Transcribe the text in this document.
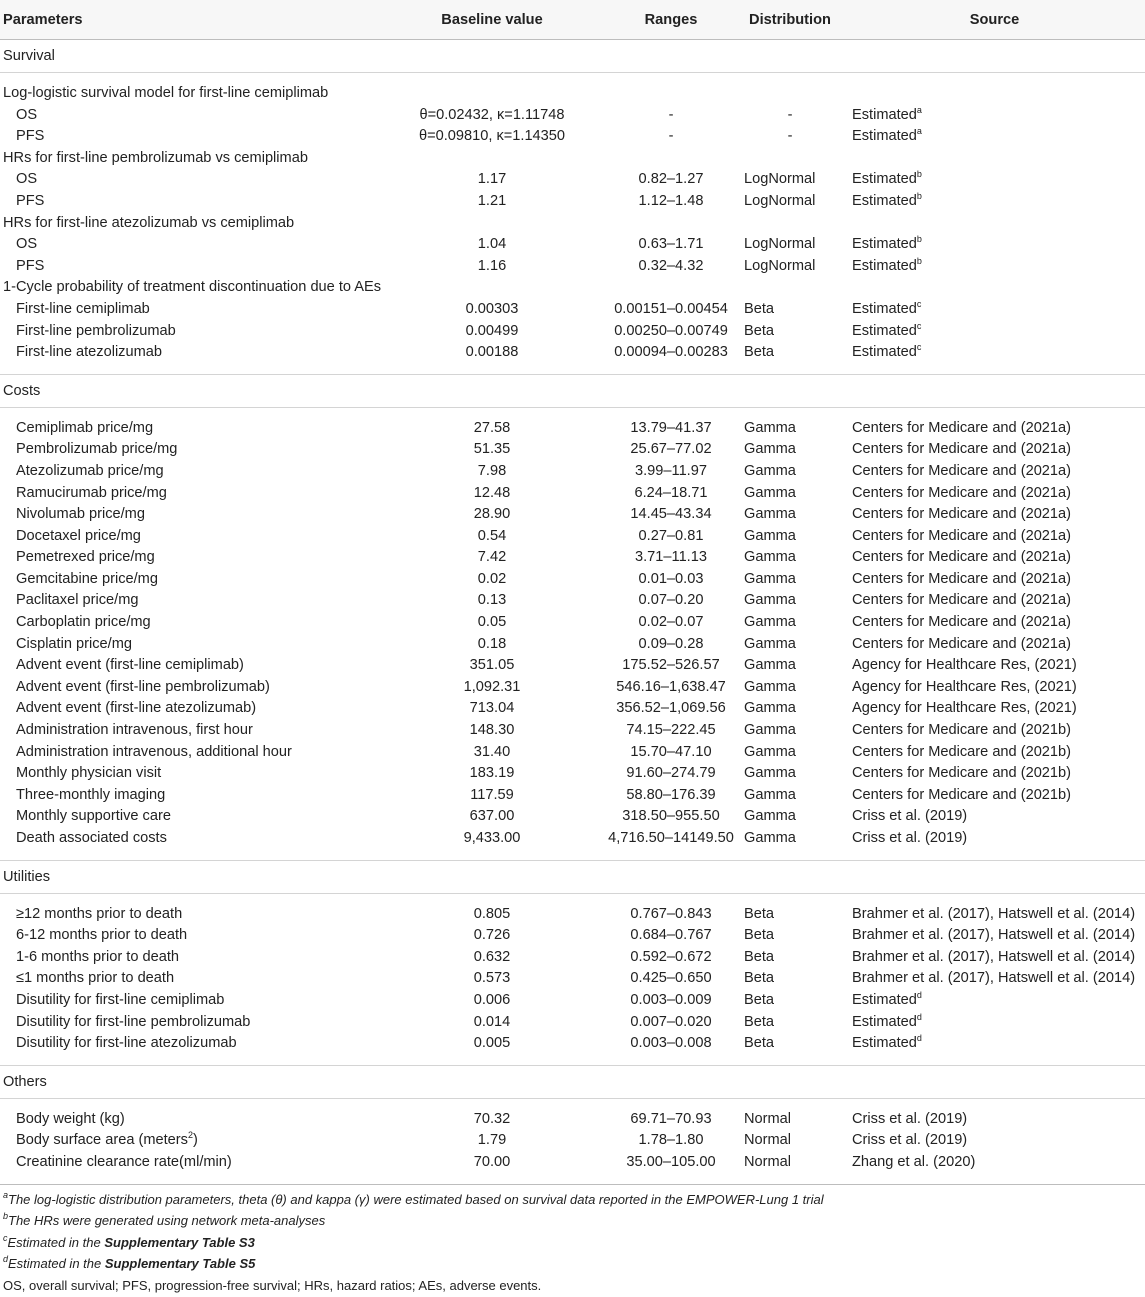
Parameters	Baseline value	Ranges	Distribution	Source
Survival				

Log-logistic survival model for first-line cemiplimab				
OS	θ=0.02432, κ=1.11748	-	-	Estimated$^a$
PFS	θ=0.09810, κ=1.14350	-	-	Estimated$^a$
HRs for first-line pembrolizumab vs cemiplimab				
OS	1.17	0.82–1.27	LogNormal	Estimated$^b$
PFS	1.21	1.12–1.48	LogNormal	Estimated$^b$
HRs for first-line atezolizumab vs cemiplimab				
OS	1.04	0.63–1.71	LogNormal	Estimated$^b$
PFS	1.16	0.32–4.32	LogNormal	Estimated$^b$
1-Cycle probability of treatment discontinuation due to AEs				
First-line cemiplimab	0.00303	0.00151–0.00454	Beta	Estimated$^c$
First-line pembrolizumab	0.00499	0.00250–0.00749	Beta	Estimated$^c$
First-line atezolizumab	0.00188	0.00094–0.00283	Beta	Estimated$^c$

Costs				

Cemiplimab price/mg	27.58	13.79–41.37	Gamma	Centers for Medicare and (2021a)
Pembrolizumab price/mg	51.35	25.67–77.02	Gamma	Centers for Medicare and (2021a)
Atezolizumab price/mg	7.98	3.99–11.97	Gamma	Centers for Medicare and (2021a)
Ramucirumab price/mg	12.48	6.24–18.71	Gamma	Centers for Medicare and (2021a)
Nivolumab price/mg	28.90	14.45–43.34	Gamma	Centers for Medicare and (2021a)
Docetaxel price/mg	0.54	0.27–0.81	Gamma	Centers for Medicare and (2021a)
Pemetrexed price/mg	7.42	3.71–11.13	Gamma	Centers for Medicare and (2021a)
Gemcitabine price/mg	0.02	0.01–0.03	Gamma	Centers for Medicare and (2021a)
Paclitaxel price/mg	0.13	0.07–0.20	Gamma	Centers for Medicare and (2021a)
Carboplatin price/mg	0.05	0.02–0.07	Gamma	Centers for Medicare and (2021a)
Cisplatin price/mg	0.18	0.09–0.28	Gamma	Centers for Medicare and (2021a)
Advent event (first-line cemiplimab)	351.05	175.52–526.57	Gamma	Agency for Healthcare Res, (2021)
Advent event (first-line pembrolizumab)	1,092.31	546.16–1,638.47	Gamma	Agency for Healthcare Res, (2021)
Advent event (first-line atezolizumab)	713.04	356.52–1,069.56	Gamma	Agency for Healthcare Res, (2021)
Administration intravenous, first hour	148.30	74.15–222.45	Gamma	Centers for Medicare and (2021b)
Administration intravenous, additional hour	31.40	15.70–47.10	Gamma	Centers for Medicare and (2021b)
Monthly physician visit	183.19	91.60–274.79	Gamma	Centers for Medicare and (2021b)
Three-monthly imaging	117.59	58.80–176.39	Gamma	Centers for Medicare and (2021b)
Monthly supportive care	637.00	318.50–955.50	Gamma	Criss et al. (2019)
Death associated costs	9,433.00	4,716.50–14149.50	Gamma	Criss et al. (2019)

Utilities				

≥12 months prior to death	0.805	0.767–0.843	Beta	Brahmer et al. (2017), Hatswell et al. (2014)
6-12 months prior to death	0.726	0.684–0.767	Beta	Brahmer et al. (2017), Hatswell et al. (2014)
1-6 months prior to death	0.632	0.592–0.672	Beta	Brahmer et al. (2017), Hatswell et al. (2014)
≤1 months prior to death	0.573	0.425–0.650	Beta	Brahmer et al. (2017), Hatswell et al. (2014)
Disutility for first-line cemiplimab	0.006	0.003–0.009	Beta	Estimated$^d$
Disutility for first-line pembrolizumab	0.014	0.007–0.020	Beta	Estimated$^d$
Disutility for first-line atezolizumab	0.005	0.003–0.008	Beta	Estimated$^d$

Others				

Body weight (kg)	70.32	69.71–70.93	Normal	Criss et al. (2019)
Body surface area (meters$^2$)	1.79	1.78–1.80	Normal	Criss et al. (2019)
Creatinine clearance rate(ml/min)	70.00	35.00–105.00	Normal	Zhang et al. (2020)

$^a$The log-logistic distribution parameters, theta (θ) and kappa (γ) were estimated based on survival data reported in the EMPOWER-Lung 1 trial
$^b$The HRs were generated using network meta-analyses
$^c$Estimated in the Supplementary Table S3
$^d$Estimated in the Supplementary Table S5
OS, overall survival; PFS, progression-free survival; HRs, hazard ratios; AEs, adverse events.
